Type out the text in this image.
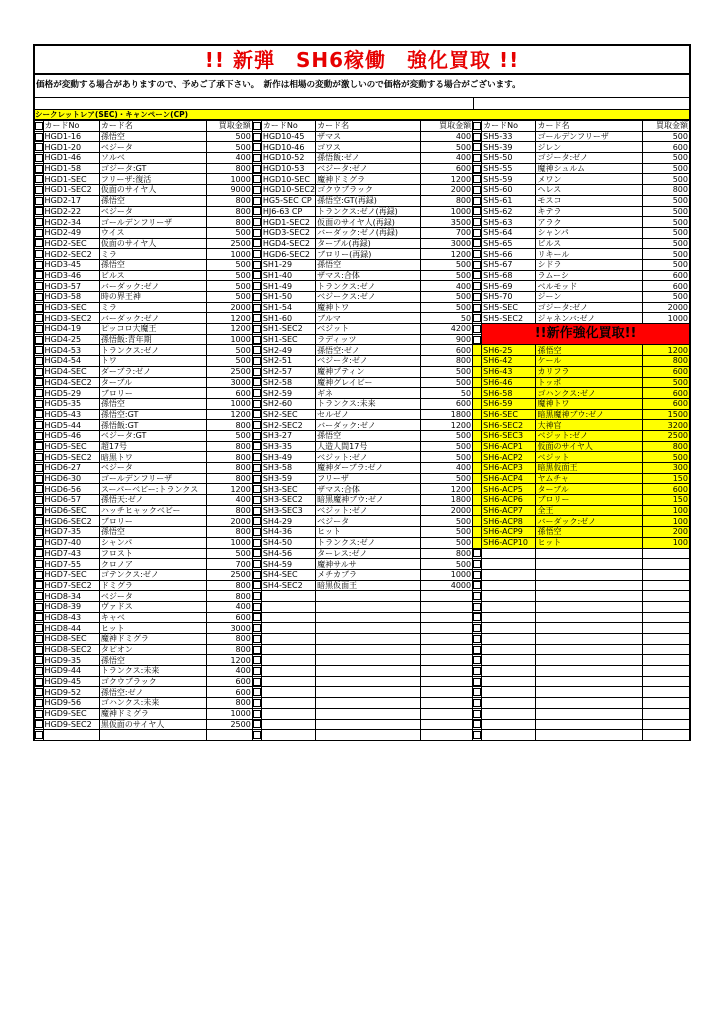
!! 新弾　SH6稼働　強化買取 !!
価格が変動する場合がありますので、予めご了承下さい。　新作は相場の変動が激しいので価格が変動する場合がございます。
シークレットレア(SEC)・キャンペーン(CP)
	カードNo	カード名	買取金額		カードNo	カード名	買取金額		カードNo	カード名	買取金額
	HGD1-16	孫悟空	500		HGD10-45	ザマス	400		SH5-33	ゴールデンフリーザ	500
	HGD1-20	ベジータ	500		HGD10-46	ゴワス	500		SH5-39	ジレン	600
	HGD1-46	ソルベ	400		HGD10-52	孫悟飯:ゼノ	400		SH5-50	ゴジータ:ゼノ	500
	HGD1-58	ゴジータ:GT	800		HGD10-53	ベジータ:ゼノ	600		SH5-55	魔神シュルム	500
	HGD1-SEC	フリーザ:復活	1000		HGD10-SEC	魔神ドミグラ	1200		SH5-59	メワン	500
	HGD1-SEC2	仮面のサイヤ人	9000		HGD10-SEC2	ゴクウブラック	2000		SH5-60	ヘレス	800
	HGD2-17	孫悟空	800		HG5-SEC CP	孫悟空:GT(再録)	800		SH5-61	モスコ	500
	HGD2-22	ベジータ	800		HJ6-63 CP	トランクス:ゼノ(再録)	1000		SH5-62	キテラ	500
	HGD2-34	ゴールデンフリーザ	800		HGD1-SEC2	仮面のサイヤ人(再録)	3500		SH5-63	アラク	500
	HGD2-49	ウイス	500		HGD3-SEC2	バーダック:ゼノ(再録)	700		SH5-64	シャンパ	500
	HGD2-SEC	仮面のサイヤ人	2500		HGD4-SEC2	ターブル(再録)	3000		SH5-65	ビルス	500
	HGD2-SEC2	ミラ	1000		HGD6-SEC2	ブロリー(再録)	1200		SH5-66	リキール	500
	HGD3-45	孫悟空	500		SH1-29	孫悟空	500		SH5-67	シドラ	500
	HGD3-46	ビルス	500		SH1-40	ザマス:合体	500		SH5-68	ラムーシ	600
	HGD3-57	バーダック:ゼノ	500		SH1-49	トランクス:ゼノ	400		SH5-69	ベルモッド	600
	HGD3-58	時の界王神	500		SH1-50	ベジークス:ゼノ	500		SH5-70	ジーン	500
	HGD3-SEC	ミラ	2000		SH1-54	魔神トワ	500		SH5-SEC	ゴジータ:ゼノ	2000
	HGD3-SEC2	バーダック:ゼノ	1200		SH1-60	ブルマ	50		SH5-SEC2	ジャネンバ:ゼノ	1000
	HGD4-19	ピッコロ大魔王	1200		SH1-SEC2	ベジット	4200		!!新作強化買取!!		
	HGD4-25	孫悟飯:青年期	1000		SH1-SEC	ラディッツ	900				
	HGD4-53	トランクス:ゼノ	500		SH2-49	孫悟空:ゼノ	600		SH6-25	孫悟空	1200
	HGD4-54	トワ	500		SH2-51	ベジータ:ゼノ	800		SH6-42	ケール	800
	HGD4-SEC	ダーブラ:ゼノ	2500		SH2-57	魔神プティン	500		SH6-43	カリフラ	600
	HGD4-SEC2	ターブル	3000		SH2-58	魔神グレイビー	500		SH6-46	トッポ	500
	HGD5-29	ブロリー	600		SH2-59	ギネ	50		SH6-58	ゴハンクス:ゼノ	600
	HGD5-35	孫悟空	1000		SH2-60	トランクス:未来	600		SH6-59	魔神トワ	600
	HGD5-43	孫悟空:GT	1200		SH2-SEC	セルゼノ	1800		SH6-SEC	暗黒魔神ブウ:ゼノ	1500
	HGD5-44	孫悟飯:GT	800		SH2-SEC2	バーダック:ゼノ	1200		SH6-SEC2	大神官	3200
	HGD5-46	ベジータ:GT	500		SH3-27	孫悟空	500		SH6-SEC3	ベジット:ゼノ	2500
	HGD5-SEC	超17号	800		SH3-35	人造人間17号	500		SH6-ACP1	仮面のサイヤ人	800
	HGD5-SEC2	暗黒トワ	800		SH3-49	ベジット:ゼノ	500		SH6-ACP2	ベジット	500
	HGD6-27	ベジータ	800		SH3-58	魔神ダーブラ:ゼノ	400		SH6-ACP3	暗黒仮面王	300
	HGD6-30	ゴールデンフリーザ	800		SH3-59	フリーザ	500		SH6-ACP4	ヤムチャ	150
	HGD6-56	スーパーベビー:トランクス	1200		SH3-SEC	ザマス:合体	1200		SH6-ACP5	ターブル	600
	HGD6-57	孫悟天:ゼノ	400		SH3-SEC2	暗黒魔神ブウ:ゼノ	1800		SH6-ACP6	ブロリー	150
	HGD6-SEC	ハッチヒャックベビー	800		SH3-SEC3	ベジット:ゼノ	2000		SH6-ACP7	全王	100
	HGD6-SEC2	ブロリー	2000		SH4-29	ベジータ	500		SH6-ACP8	バーダック:ゼノ	100
	HGD7-35	孫悟空	800		SH4-36	ヒット	500		SH6-ACP9	孫悟空	200
	HGD7-40	シャンパ	1000		SH4-50	トランクス:ゼノ	500		SH6-ACP10	ヒット	100
	HGD7-43	フロスト	500		SH4-56	ターレス:ゼノ	800				
	HGD7-55	クロノア	700		SH4-59	魔神サルサ	500				
	HGD7-SEC	ゴテンクス:ゼノ	2500		SH4-SEC	メチカブラ	1000				
	HGD7-SEC2	ドミグラ	800		SH4-SEC2	暗黒仮面王	4000				
	HGD8-34	ベジータ	800								
	HGD8-39	ヴァドス	400								
	HGD8-43	キャベ	600								
	HGD8-44	ヒット	3000								
	HGD8-SEC	魔神ドミグラ	800								
	HGD8-SEC2	タピオン	800								
	HGD9-35	孫悟空	1200								
	HGD9-44	トランクス:未来	400								
	HGD9-45	ゴクウブラック	600								
	HGD9-52	孫悟空:ゼノ	600								
	HGD9-56	ゴハンクス:未来	800								
	HGD9-SEC	魔神ドミグラ	1000								
	HGD9-SEC2	黒仮面のサイヤ人	2500								
